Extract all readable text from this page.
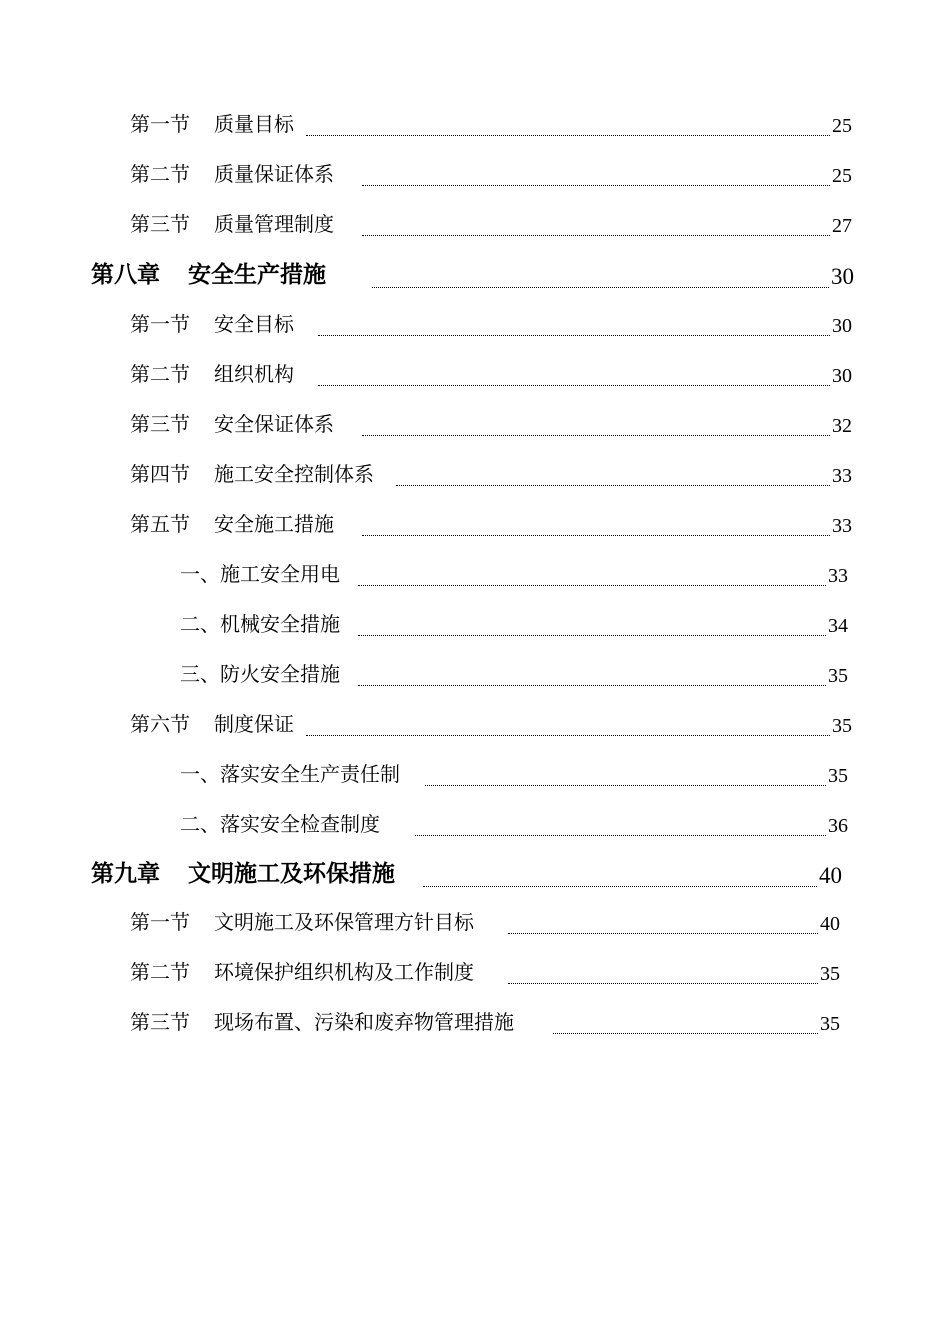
第一节 质量目标	25
第二节 质量保证体系	25
第三节 质量管理制度	27
第八章 安全生产措施	30
第一节 安全目标	30
第二节 组织机构	30
第三节 安全保证体系	32
第四节 施工安全控制体系	33
第五节 安全施工措施	33
一、施工安全用电	33
二、机械安全措施	34
三、防火安全措施	35
第六节 制度保证	35
一、落实安全生产责任制	35
二、落实安全检查制度	36
第九章 文明施工及环保措施	40
第一节 文明施工及环保管理方针目标	40
第二节 环境保护组织机构及工作制度	35
第三节 现场布置、污染和废弃物管理措施	35
